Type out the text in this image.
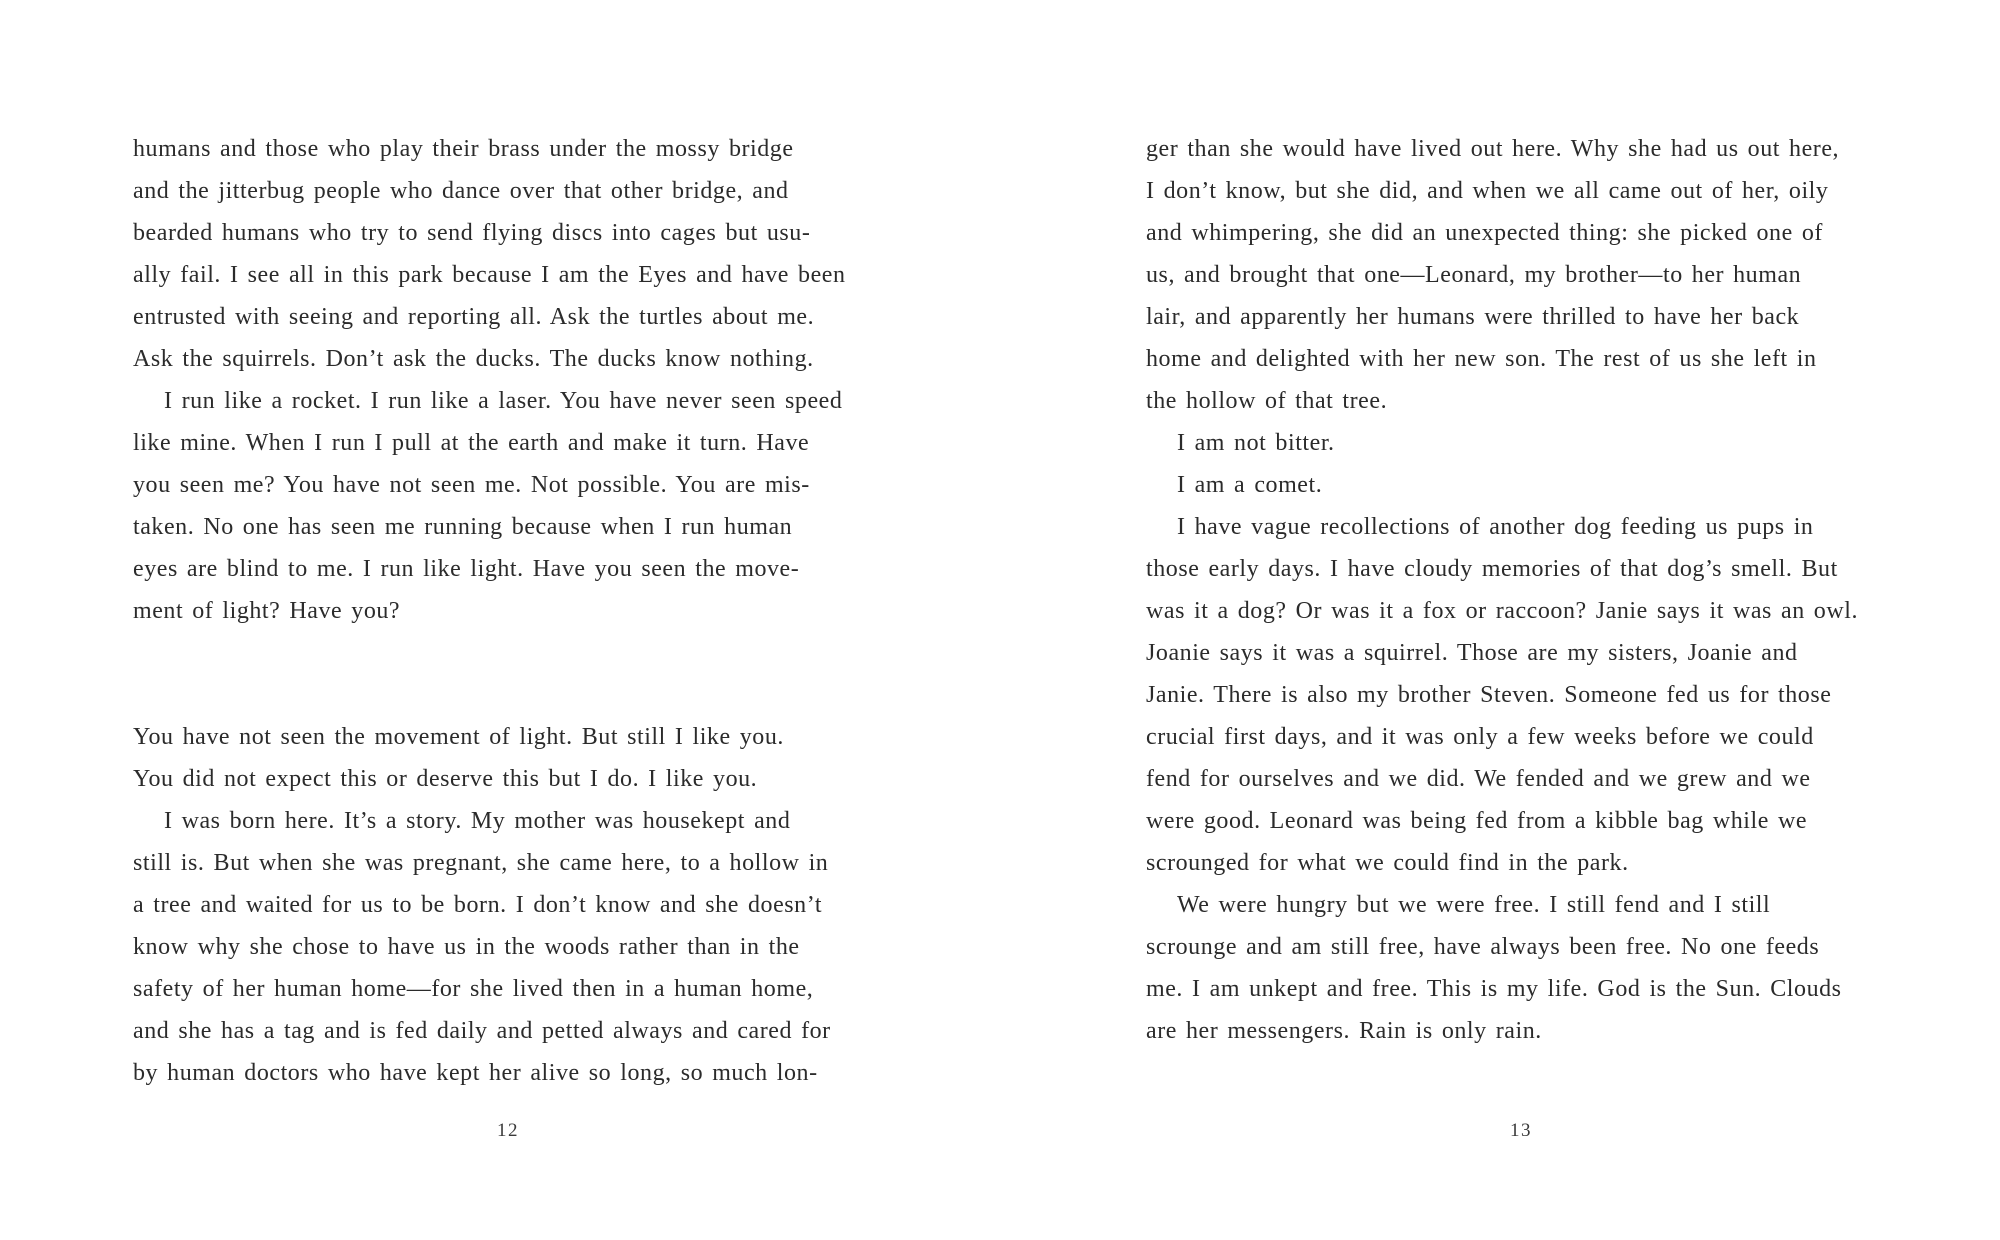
humans and those who play their brass under the mossy bridge
and the jitterbug people who dance over that other bridge, and
bearded humans who try to send flying discs into cages but usu-
ally fail. I see all in this park because I am the Eyes and have been
entrusted with seeing and reporting all. Ask the turtles about me.
Ask the squirrels. Don’t ask the ducks. The ducks know nothing.
I run like a rocket. I run like a laser. You have never seen speed
like mine. When I run I pull at the earth and make it turn. Have
you seen me? You have not seen me. Not possible. You are mis-
taken. No one has seen me running because when I run human
eyes are blind to me. I run like light. Have you seen the move-
ment of light? Have you?
You have not seen the movement of light. But still I like you.
You did not expect this or deserve this but I do. I like you.
I was born here. It’s a story. My mother was housekept and
still is. But when she was pregnant, she came here, to a hollow in
a tree and waited for us to be born. I don’t know and she doesn’t
know why she chose to have us in the woods rather than in the
safety of her human home—for she lived then in a human home,
and she has a tag and is fed daily and petted always and cared for
by human doctors who have kept her alive so long, so much lon-
12
ger than she would have lived out here. Why she had us out here,
I don’t know, but she did, and when we all came out of her, oily
and whimpering, she did an unexpected thing: she picked one of
us, and brought that one—Leonard, my brother—to her human
lair, and apparently her humans were thrilled to have her back
home and delighted with her new son. The rest of us she left in
the hollow of that tree.
I am not bitter.
I am a comet.
I have vague recollections of another dog feeding us pups in
those early days. I have cloudy memories of that dog’s smell. But
was it a dog? Or was it a fox or raccoon? Janie says it was an owl.
Joanie says it was a squirrel. Those are my sisters, Joanie and
Janie. There is also my brother Steven. Someone fed us for those
crucial first days, and it was only a few weeks before we could
fend for ourselves and we did. We fended and we grew and we
were good. Leonard was being fed from a kibble bag while we
scrounged for what we could find in the park.
We were hungry but we were free. I still fend and I still
scrounge and am still free, have always been free. No one feeds
me. I am unkept and free. This is my life. God is the Sun. Clouds
are her messengers. Rain is only rain.
13
